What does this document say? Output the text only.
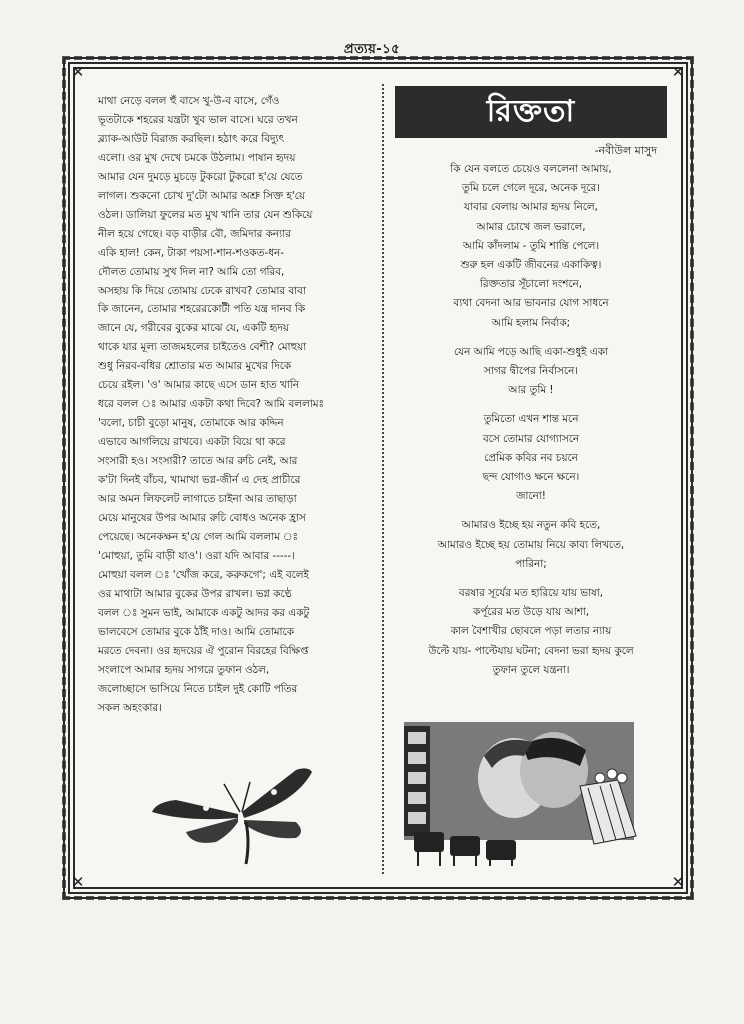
প্রত্যয়-১৫
✕	✕
✕	✕
মাথা নেড়ে বলল হুঁ বাসে খু-উ-ব বাসে, গেঁও
ভূতটাকে শহরের যন্ত্রটা খুব ভাল বাসে। ঘরে তখন
ব্ল্যাক-আউট বিরাজ করছিল। হঠাৎ করে বিদ্যুৎ
এলো। ওর মুখ দেখে চমকে উঠলাম। পাষান হৃদয়
আমার যেন দুমড়ে মুচড়ে টুকরো টুকরো হ'য়ে যেতে
লাগল। শুকনো চোখ দু'টো আমার অশ্রু সিক্ত হ'য়ে
ওঠল। ডালিয়া ফুলের মত মুখ খানি তার যেন শুকিয়ে
নীল হয়ে গেছে। বড় বাড়ীর বৌ, জমিদার কন্যার
একি হাল! কেন, টাকা পয়সা-শান-শওকত-ধন-
দৌলত তোমায় সুখ দিল না? আমি তো গরিব,
অসহায় কি দিয়ে তোমায় ঢেকে রাখব? তোমার বাবা
কি জানেন, তোমার শহরেরকোটী পতি যন্ত্র দানব কি
জানে যে, গরীবের বুকের মাঝে যে, একটি হৃদয়
থাকে যার মূল্য তাজমহলের চাইতেও বেশী? মোহুয়া
শুধু নিরব-বধির শ্রোতার মত আমার মুখের দিকে
চেয়ে রইল। 'ও' আমার কাছে এসে ডান হাত খানি
ধরে বলল ঃ আমার একটা কথা দিবে? আমি বললামঃ
'বলো, চাচী বুড়ো মানুষ, তোমাকে আর কদ্দিন
এভাবে আগলিয়ে রাখবে। একটা বিয়ে থা করে
সংসারী হও। সংসারী? তাতে আর রুচি নেই, আর
ক'টা দিনই বাঁচব, খামাখা ভগ্ন-জীর্ন এ দেহ প্রাচীরে
আর অমন লিফলেট লাগাতে চাইনা আর তাছাড়া
মেয়ে মানুষের উপর আমার রুচি বোধও অনেক হ্রাস
পেয়েছে। অনেকক্ষন হ'য়ে গেল আমি বললাম ঃ
'মোহুয়া, তুমি বাড়ী যাও'। ওরা যদি আবার -----।
মোহুয়া বলল ঃ 'খোঁজ করে, করুকগে'; এই বলেই
ওর মাথাটা আমার বুকের উপর রাখল। ভগ্ন কণ্ঠে
বলল ঃ সুমন ভাই, আমাকে একটু আদর কর একটু
ভালবেসে তোমার বুকে ঠাঁই দাও। আমি তোমাকে
মরতে দেবনা। ওর হৃদয়ের ঐ পুরোন বিরহের বিক্ষিপ্ত
সংলাপে আমার হৃদয় সাগরে তুফান ওঠল,
জলোচ্ছাসে ভাসিয়ে নিতে চাইল দুই কোটি পতির
সকল অহংকার।
রিক্ততা
-নবীউল মাসুদ
কি যেন বলতে চেয়েও বললেনা আমায়,
তুমি চলে গেলে দূরে, অনেক দূরে।
যাবার বেলায় আমার হৃদয় নিলে,
আমার চোখে জল ভরালে,
আমি কাঁদলাম - তুমি শান্তি পেলে।
শুরু হল একটি জীবনের একাকিত্ব।
রিক্ততার সূঁচালো দংশনে,
ব্যথা বেদনা আর ভাবনার যোগ সাধনে
আমি হলাম নির্বাক;
যেন আমি পড়ে আছি একা-শুধুই একা
সাগর দ্বীপের নির্বাসনে।
আর তুমি !
তুমিতো এখন শান্ত মনে
বসে তোমার যোগ্যাসনে
প্রেমিক কবির নব চয়নে
ছন্দ যোগাও ক্ষনে ক্ষনে।
জানো!
আমারও ইচ্ছে হয় নতুন কবি হতে,
আমারও ইচ্ছে হয় তোমায় নিয়ে কাব্য লিখতে,
পারিনা;
বরষার সূর্যের মত হারিয়ে যায় ভাষা,
কর্পূরের মত উড়ে যায় আশা,
কাল বৈশাখীর ছোবলে পড়া লতার ন্যায়
উল্টে যায়- পাল্টেযায় ঘটনা; বেদনা ভরা হৃদয় কুলে
তুফান তুলে যন্ত্রনা।
